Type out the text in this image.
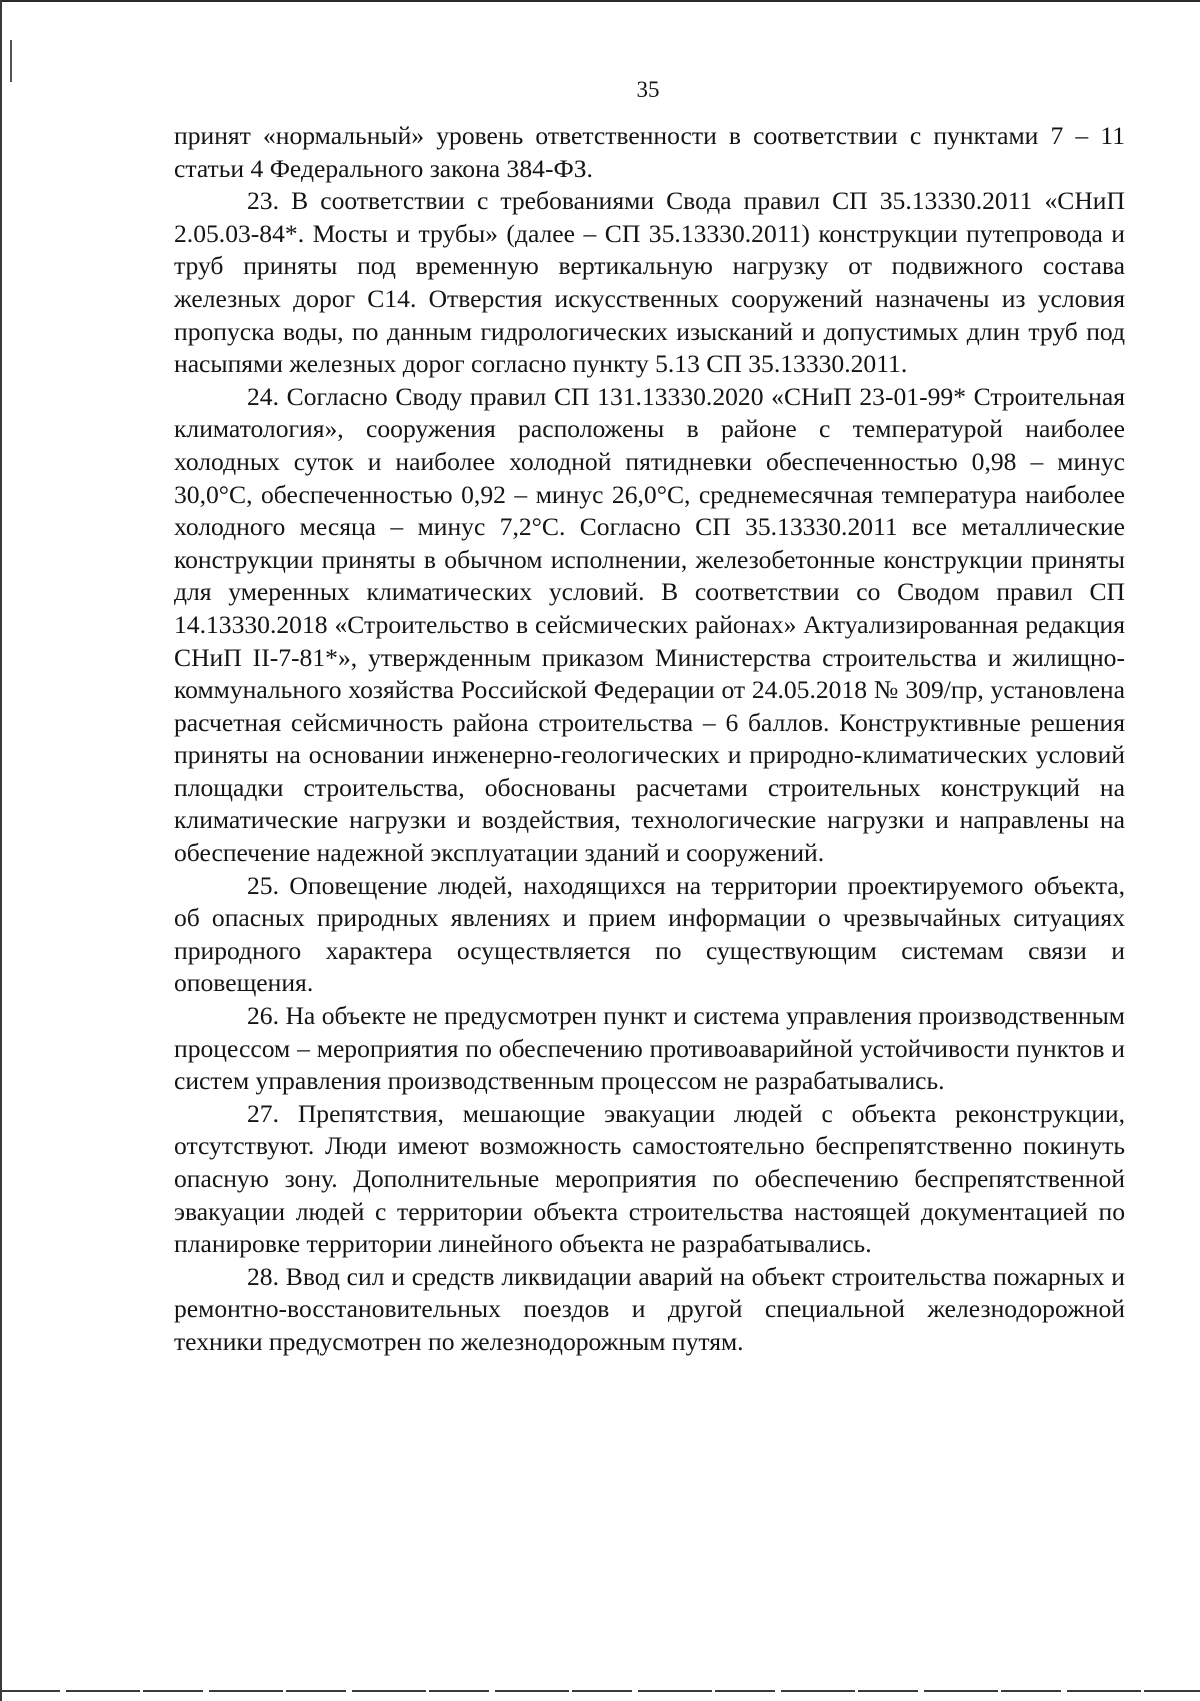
35

принят «нормальный» уровень ответственности в соответствии с пунктами 7 – 11 статьи 4 Федерального закона 384-ФЗ.

23. В соответствии с требованиями Свода правил СП 35.13330.2011 «СНиП 2.05.03-84*. Мосты и трубы» (далее – СП 35.13330.2011) конструкции путепровода и труб приняты под временную вертикальную нагрузку от подвижного состава железных дорог С14. Отверстия искусственных сооружений назначены из условия пропуска воды, по данным гидрологических изысканий и допустимых длин труб под насыпями железных дорог согласно пункту 5.13 СП 35.13330.2011.

24. Согласно Своду правил СП 131.13330.2020 «СНиП 23-01-99* Строительная климатология», сооружения расположены в районе с температурой наиболее холодных суток и наиболее холодной пятидневки обеспеченностью 0,98 – минус 30,0°С, обеспеченностью 0,92 – минус 26,0°С, среднемесячная температура наиболее холодного месяца – минус 7,2°С. Согласно СП 35.13330.2011 все металлические конструкции приняты в обычном исполнении, железобетонные конструкции приняты для умеренных климатических условий. В соответствии со Сводом правил СП 14.13330.2018 «Строительство в сейсмических районах» Актуализированная редакция СНиП II-7-81*», утвержденным приказом Министерства строительства и жилищно-коммунального хозяйства Российской Федерации от 24.05.2018 № 309/пр, установлена расчетная сейсмичность района строительства – 6 баллов. Конструктивные решения приняты на основании инженерно-геологических и природно-климатических условий площадки строительства, обоснованы расчетами строительных конструкций на климатические нагрузки и воздействия, технологические нагрузки и направлены на обеспечение надежной эксплуатации зданий и сооружений.

25. Оповещение людей, находящихся на территории проектируемого объекта, об опасных природных явлениях и прием информации о чрезвычайных ситуациях природного характера осуществляется по существующим системам связи и оповещения.

26. На объекте не предусмотрен пункт и система управления производственным процессом – мероприятия по обеспечению противоаварийной устойчивости пунктов и систем управления производственным процессом не разрабатывались.

27. Препятствия, мешающие эвакуации людей с объекта реконструкции, отсутствуют. Люди имеют возможность самостоятельно беспрепятственно покинуть опасную зону. Дополнительные мероприятия по обеспечению беспрепятственной эвакуации людей с территории объекта строительства настоящей документацией по планировке территории линейного объекта не разрабатывались.

28. Ввод сил и средств ликвидации аварий на объект строительства пожарных и ремонтно-восстановительных поездов и другой специальной железнодорожной техники предусмотрен по железнодорожным путям.
